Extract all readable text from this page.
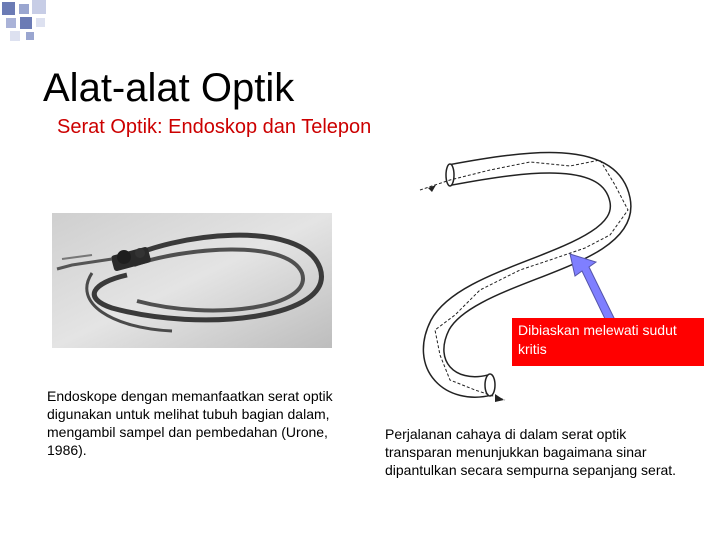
Alat-alat Optik
Serat Optik: Endoskop dan Telepon
Dibiaskan melewati sudut kritis
Endoskope dengan memanfaatkan serat optik digunakan untuk melihat tubuh bagian dalam, mengambil sampel dan pembedahan (Urone, 1986).
Perjalanan cahaya di dalam serat optik transparan menunjukkan bagaimana sinar dipantulkan secara sempurna sepanjang serat.
